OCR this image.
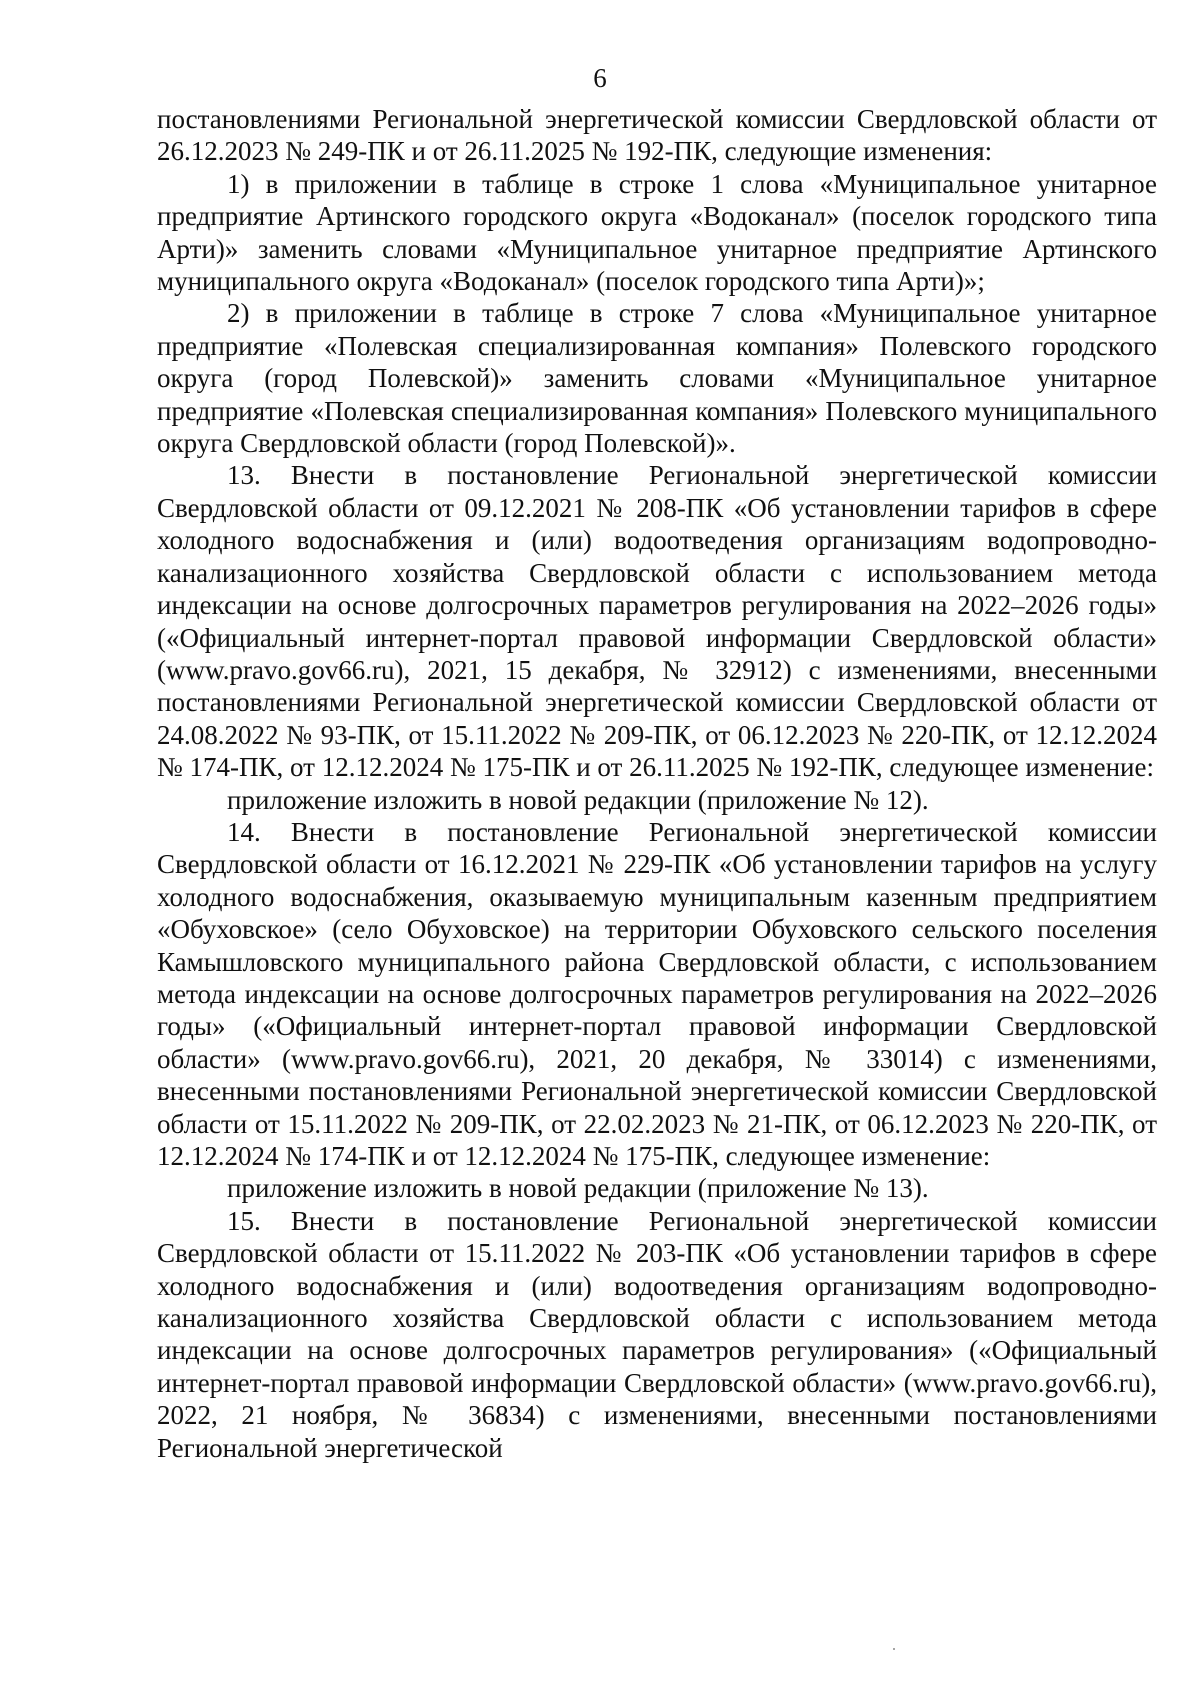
6

постановлениями Региональной энергетической комиссии Свердловской области от 26.12.2023 № 249-ПК и от 26.11.2025 № 192-ПК, следующие изменения:

1) в приложении в таблице в строке 1 слова «Муниципальное унитарное предприятие Артинского городского округа «Водоканал» (поселок городского типа Арти)» заменить словами «Муниципальное унитарное предприятие Артинского муниципального округа «Водоканал» (поселок городского типа Арти)»;

2) в приложении в таблице в строке 7 слова «Муниципальное унитарное предприятие «Полевская специализированная компания» Полевского городского округа (город Полевской)» заменить словами «Муниципальное унитарное предприятие «Полевская специализированная компания» Полевского муниципального округа Свердловской области (город Полевской)».

13. Внести в постановление Региональной энергетической комиссии Свердловской области от 09.12.2021 № 208-ПК «Об установлении тарифов в сфере холодного водоснабжения и (или) водоотведения организациям водопроводно-канализационного хозяйства Свердловской области с использованием метода индексации на основе долгосрочных параметров регулирования на 2022–2026 годы» («Официальный интернет-портал правовой информации Свердловской области» (www.pravo.gov66.ru), 2021, 15 декабря, № 32912) с изменениями, внесенными постановлениями Региональной энергетической комиссии Свердловской области от 24.08.2022 № 93-ПК, от 15.11.2022 № 209-ПК, от 06.12.2023 № 220-ПК, от 12.12.2024 № 174-ПК, от 12.12.2024 № 175-ПК и от 26.11.2025 № 192-ПК, следующее изменение:

приложение изложить в новой редакции (приложение № 12).

14. Внести в постановление Региональной энергетической комиссии Свердловской области от 16.12.2021 № 229-ПК «Об установлении тарифов на услугу холодного водоснабжения, оказываемую муниципальным казенным предприятием «Обуховское» (село Обуховское) на территории Обуховского сельского поселения Камышловского муниципального района Свердловской области, с использованием метода индексации на основе долгосрочных параметров регулирования на 2022–2026 годы» («Официальный интернет-портал правовой информации Свердловской области» (www.pravo.gov66.ru), 2021, 20 декабря, № 33014) с изменениями, внесенными постановлениями Региональной энергетической комиссии Свердловской области от 15.11.2022 № 209-ПК, от 22.02.2023 № 21-ПК, от 06.12.2023 № 220-ПК, от 12.12.2024 № 174-ПК и от 12.12.2024 № 175-ПК, следующее изменение:

приложение изложить в новой редакции (приложение № 13).

15. Внести в постановление Региональной энергетической комиссии Свердловской области от 15.11.2022 № 203-ПК «Об установлении тарифов в сфере холодного водоснабжения и (или) водоотведения организациям водопроводно-канализационного хозяйства Свердловской области с использованием метода индексации на основе долгосрочных параметров регулирования» («Официальный интернет-портал правовой информации Свердловской области» (www.pravo.gov66.ru), 2022, 21 ноября, № 36834) с изменениями, внесенными постановлениями Региональной энергетической
